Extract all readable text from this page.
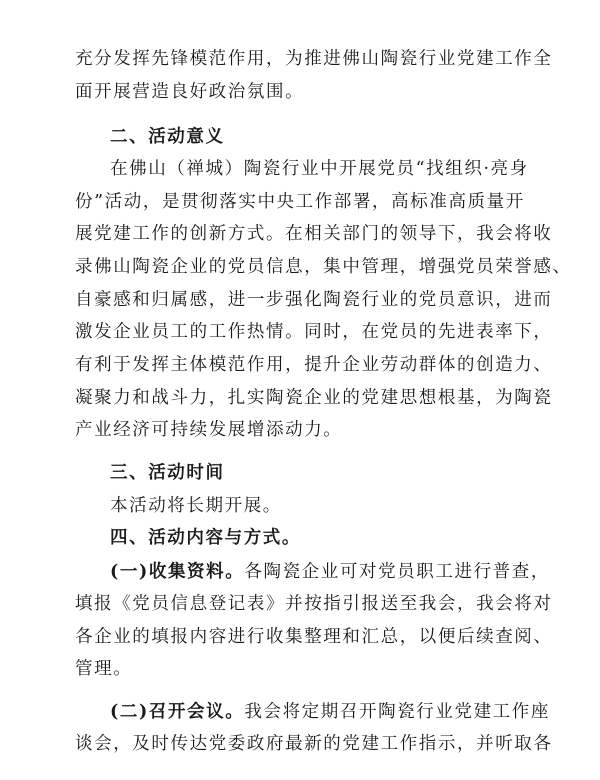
充分发挥先锋模范作用，为推进佛山陶瓷行业党建工作全
面开展营造良好政治氛围。
二、活动意义
在佛山（禅城）陶瓷行业中开展党员“找组织·亮身
份”活动，是贯彻落实中央工作部署，高标准高质量开
展党建工作的创新方式。在相关部门的领导下，我会将收
录佛山陶瓷企业的党员信息，集中管理，增强党员荣誉感、
自豪感和归属感，进一步强化陶瓷行业的党员意识，进而
激发企业员工的工作热情。同时，在党员的先进表率下，
有利于发挥主体模范作用，提升企业劳动群体的创造力、
凝聚力和战斗力，扎实陶瓷企业的党建思想根基，为陶瓷
产业经济可持续发展增添动力。
三、活动时间
本活动将长期开展。
四、活动内容与方式。
(一)收集资料。各陶瓷企业可对党员职工进行普查，
填报《党员信息登记表》并按指引报送至我会，我会将对
各企业的填报内容进行收集整理和汇总，以便后续查阅、
管理。
(二)召开会议。我会将定期召开陶瓷行业党建工作座
谈会，及时传达党委政府最新的党建工作指示，并听取各
